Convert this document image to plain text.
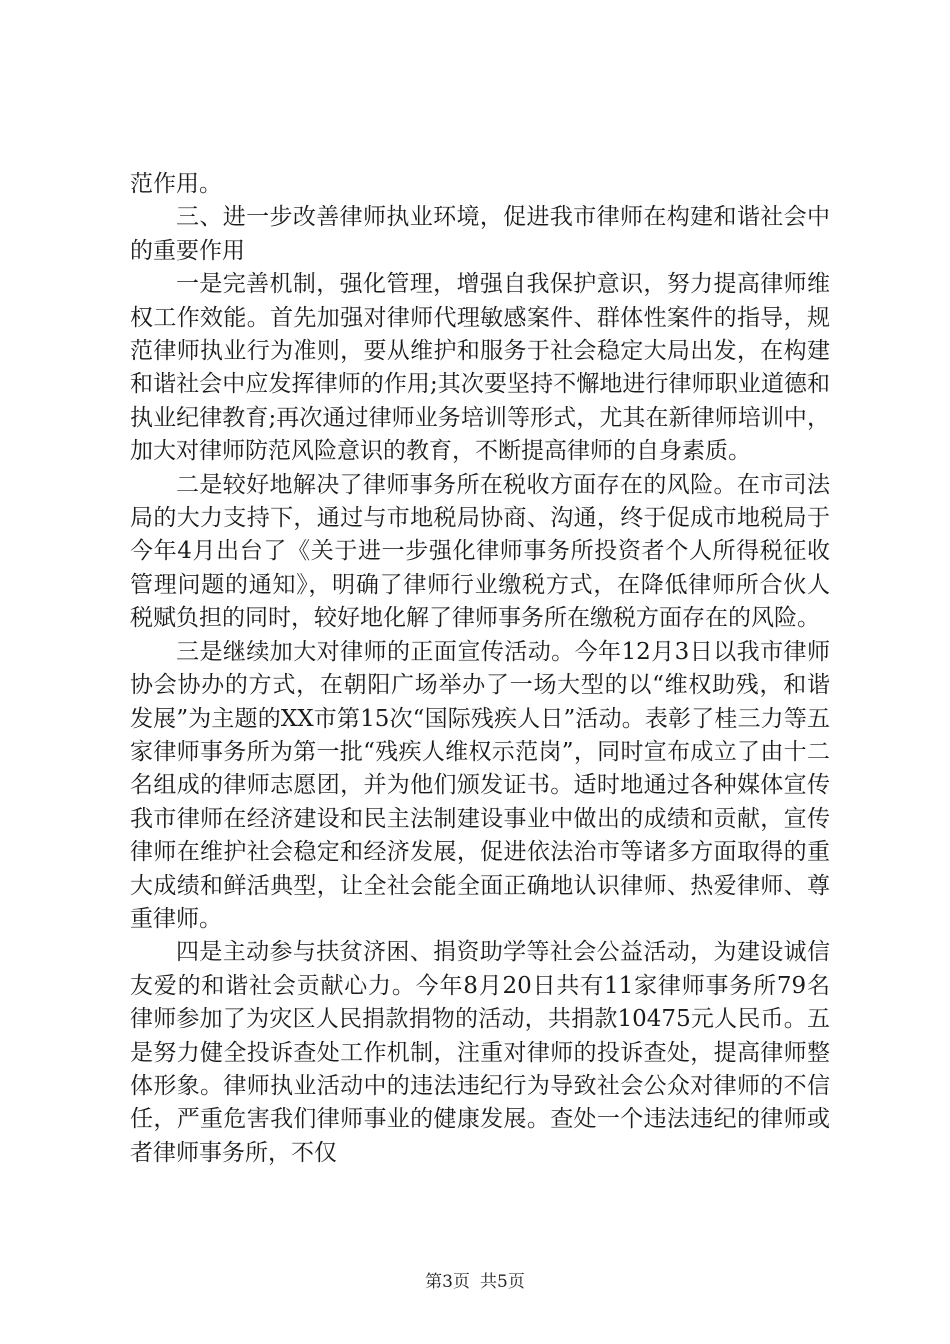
范作用。

三、进一步改善律师执业环境，促进我市律师在构建和谐社会中的重要作用

一是完善机制，强化管理，增强自我保护意识，努力提高律师维权工作效能。首先加强对律师代理敏感案件、群体性案件的指导，规范律师执业行为准则，要从维护和服务于社会稳定大局出发，在构建和谐社会中应发挥律师的作用;其次要坚持不懈地进行律师职业道德和执业纪律教育;再次通过律师业务培训等形式，尤其在新律师培训中，加大对律师防范风险意识的教育，不断提高律师的自身素质。

二是较好地解决了律师事务所在税收方面存在的风险。在市司法局的大力支持下，通过与市地税局协商、沟通，终于促成市地税局于今年4月出台了《关于进一步强化律师事务所投资者个人所得税征收管理问题的通知》，明确了律师行业缴税方式，在降低律师所合伙人税赋负担的同时，较好地化解了律师事务所在缴税方面存在的风险。

三是继续加大对律师的正面宣传活动。今年12月3日以我市律师协会协办的方式，在朝阳广场举办了一场大型的以“维权助残，和谐发展”为主题的XX市第15次“国际残疾人日”活动。表彰了桂三力等五家律师事务所为第一批“残疾人维权示范岗”，同时宣布成立了由十二名组成的律师志愿团，并为他们颁发证书。适时地通过各种媒体宣传我市律师在经济建设和民主法制建设事业中做出的成绩和贡献，宣传律师在维护社会稳定和经济发展，促进依法治市等诸多方面取得的重大成绩和鲜活典型，让全社会能全面正确地认识律师、热爱律师、尊重律师。

四是主动参与扶贫济困、捐资助学等社会公益活动，为建设诚信友爱的和谐社会贡献心力。今年8月20日共有11家律师事务所79名律师参加了为灾区人民捐款捐物的活动，共捐款10475元人民币。五是努力健全投诉查处工作机制，注重对律师的投诉查处，提高律师整体形象。律师执业活动中的违法违纪行为导致社会公众对律师的不信任，严重危害我们律师事业的健康发展。查处一个违法违纪的律师或者律师事务所，不仅

第3页 共5页
